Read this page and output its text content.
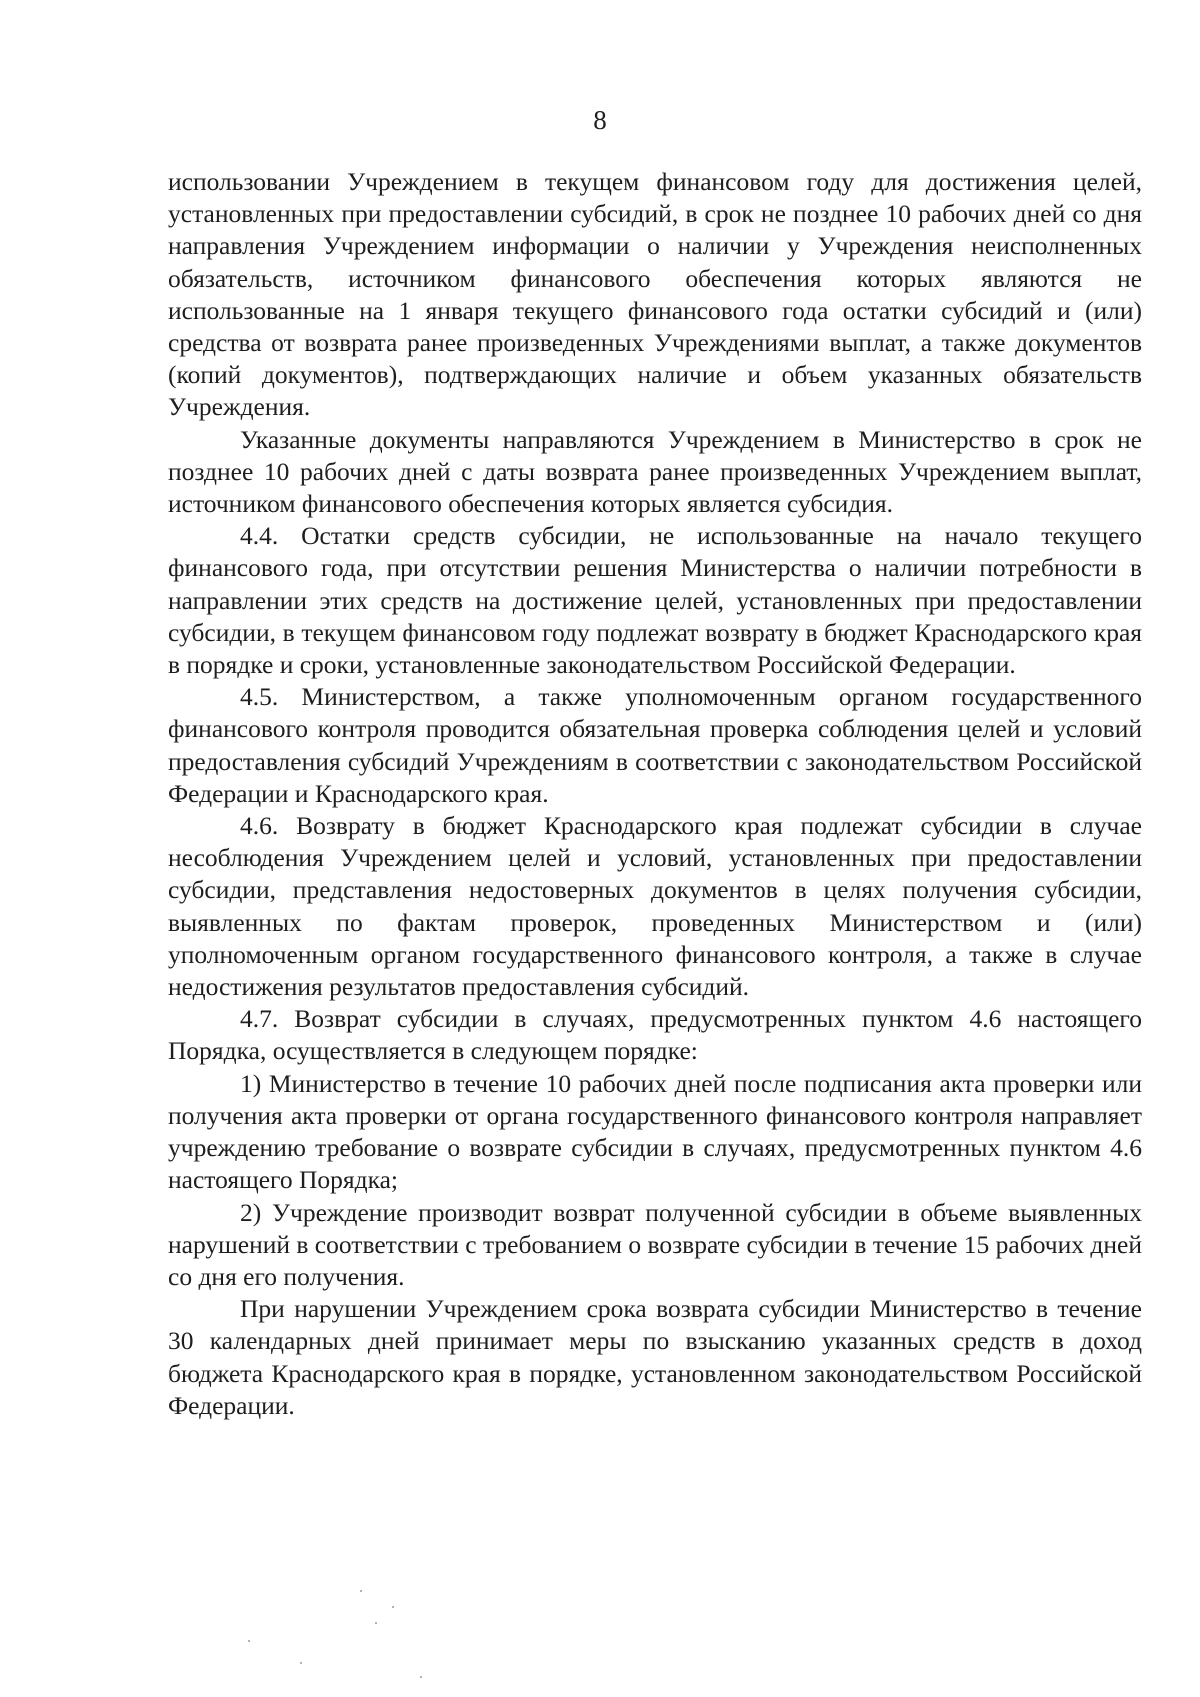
8

использовании Учреждением в текущем финансовом году для достижения целей, установленных при предоставлении субсидий, в срок не позднее 10 рабочих дней со дня направления Учреждением информации о наличии у Учреждения неисполненных обязательств, источником финансового обеспечения которых являются не использованные на 1 января текущего финансового года остатки субсидий и (или) средства от возврата ранее произведенных Учреждениями выплат, а также документов (копий документов), подтверждающих наличие и объем указанных обязательств Учреждения.

Указанные документы направляются Учреждением в Министерство в срок не позднее 10 рабочих дней с даты возврата ранее произведенных Учреждением выплат, источником финансового обеспечения которых является субсидия.

4.4. Остатки средств субсидии, не использованные на начало текущего финансового года, при отсутствии решения Министерства о наличии потребности в направлении этих средств на достижение целей, установленных при предоставлении субсидии, в текущем финансовом году подлежат возврату в бюджет Краснодарского края в порядке и сроки, установленные законодательством Российской Федерации.

4.5. Министерством, а также уполномоченным органом государственного финансового контроля проводится обязательная проверка соблюдения целей и условий предоставления субсидий Учреждениям в соответствии с законодательством Российской Федерации и Краснодарского края.

4.6. Возврату в бюджет Краснодарского края подлежат субсидии в случае несоблюдения Учреждением целей и условий, установленных при предоставлении субсидии, представления недостоверных документов в целях получения субсидии, выявленных по фактам проверок, проведенных Министерством и (или) уполномоченным органом государственного финансового контроля, а также в случае недостижения результатов предоставления субсидий.

4.7. Возврат субсидии в случаях, предусмотренных пунктом 4.6 настоящего Порядка, осуществляется в следующем порядке:

1) Министерство в течение 10 рабочих дней после подписания акта проверки или получения акта проверки от органа государственного финансового контроля направляет учреждению требование о возврате субсидии в случаях, предусмотренных пунктом 4.6 настоящего Порядка;

2) Учреждение производит возврат полученной субсидии в объеме выявленных нарушений в соответствии с требованием о возврате субсидии в течение 15 рабочих дней со дня его получения.

При нарушении Учреждением срока возврата субсидии Министерство в течение 30 календарных дней принимает меры по взысканию указанных средств в доход бюджета Краснодарского края в порядке, установленном законодательством Российской Федерации.
